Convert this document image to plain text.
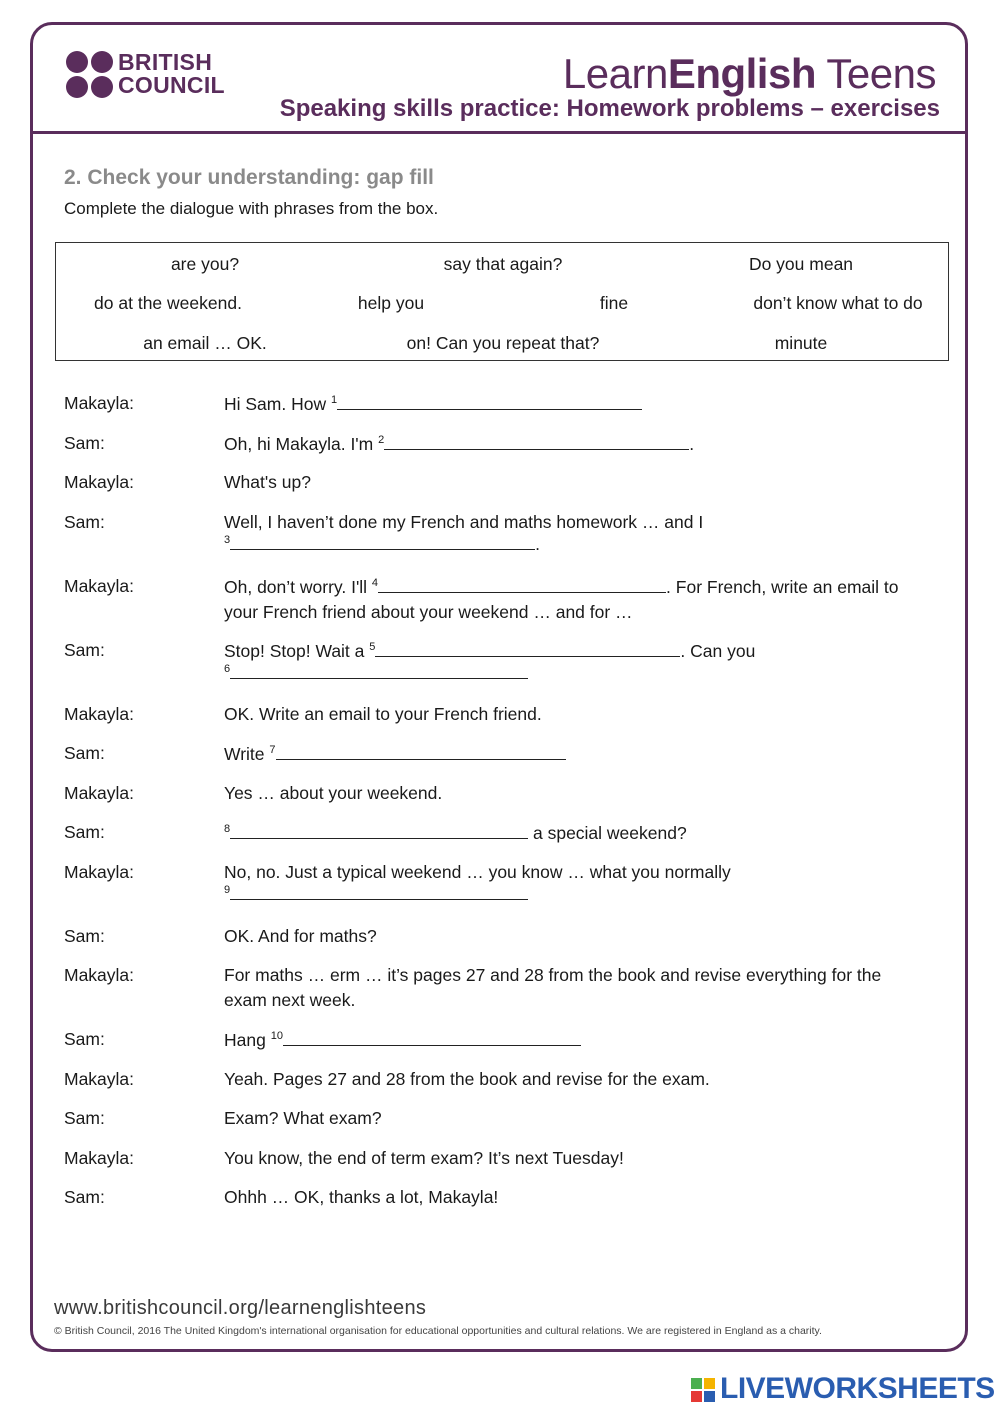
BRITISH
COUNCIL	LearnEnglish Teens
Speaking skills practice: Homework problems – exercises
2. Check your understanding: gap fill
Complete the dialogue with phrases from the box.
are you?	say that again?	Do you mean
do at the weekend.	help you	fine	don’t know what to do
an email … OK.	on! Can you repeat that?	minute
Makayla:	Hi Sam. How $^1$
Sam:	Oh, hi Makayla. I'm $^2$	.
Makayla:	What's up?
Sam:	Well, I haven’t done my French and maths homework … and I
$^3$	.
Makayla:	Oh, don’t worry. I'll $^4$	. For French, write an email to
your French friend about your weekend … and for …
Sam:	Stop! Stop! Wait a $^5$	. Can you
$^6$
Makayla:	OK. Write an email to your French friend.
Sam:	Write $^7$
Makayla:	Yes … about your weekend.
Sam:	$^8$	a special weekend?
Makayla:	No, no. Just a typical weekend … you know … what you normally
$^9$
Sam:	OK. And for maths?
Makayla:	For maths … erm … it’s pages 27 and 28 from the book and revise everything for the
exam next week.
Sam:	Hang $^{10}$
Makayla:	Yeah. Pages 27 and 28 from the book and revise for the exam.
Sam:	Exam? What exam?
Makayla:	You know, the end of term exam? It’s next Tuesday!
Sam:	Ohhh … OK, thanks a lot, Makayla!
www.britishcouncil.org/learnenglishteens
© British Council, 2016 The United Kingdom's international organisation for educational opportunities and cultural relations. We are registered in England as a charity.
LIVEWORKSHEETS
